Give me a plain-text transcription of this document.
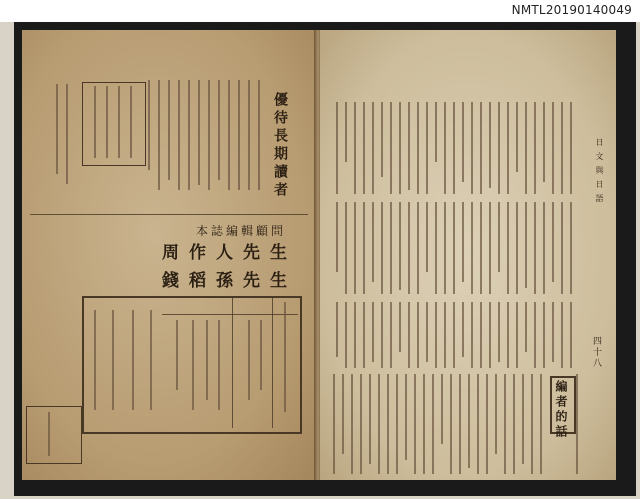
NMTL20190140049
優待長期讀者
本誌編輯顧問
周作人先生
錢稻孫先生
日文與日語
四十八
編者的話
